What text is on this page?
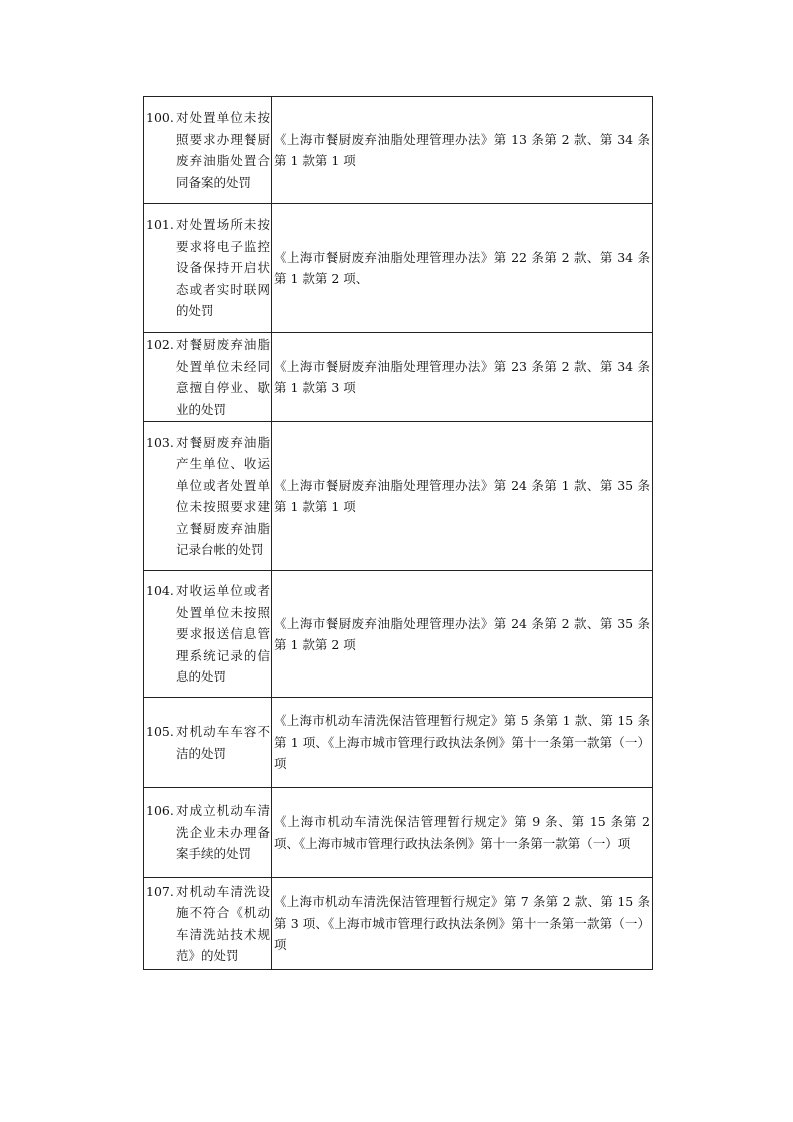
100. 对处置单位未按照要求办理餐厨废弃油脂处置合同备案的处罚	《上海市餐厨废弃油脂处理管理办法》第 13 条第 2 款、第 34 条第 1 款第 1 项

101. 对处置场所未按要求将电子监控设备保持开启状态或者实时联网的处罚	《上海市餐厨废弃油脂处理管理办法》第 22 条第 2 款、第 34 条第 1 款第 2 项、

102. 对餐厨废弃油脂处置单位未经同意擅自停业、歇业的处罚	《上海市餐厨废弃油脂处理管理办法》第 23 条第 2 款、第 34 条第 1 款第 3 项

103. 对餐厨废弃油脂产生单位、收运单位或者处置单位未按照要求建立餐厨废弃油脂记录台帐的处罚	《上海市餐厨废弃油脂处理管理办法》第 24 条第 1 款、第 35 条第 1 款第 1 项

104. 对收运单位或者处置单位未按照要求报送信息管理系统记录的信息的处罚	《上海市餐厨废弃油脂处理管理办法》第 24 条第 2 款、第 35 条第 1 款第 2 项

105. 对机动车车容不洁的处罚	《上海市机动车清洗保洁管理暂行规定》第 5 条第 1 款、第 15 条第 1 项、《上海市城市管理行政执法条例》第十一条第一款第（一）项

106. 对成立机动车清洗企业未办理备案手续的处罚	《上海市机动车清洗保洁管理暂行规定》第 9 条、第 15 条第 2 项、《上海市城市管理行政执法条例》第十一条第一款第（一）项

107. 对机动车清洗设施不符合《机动车清洗站技术规范》的处罚	《上海市机动车清洗保洁管理暂行规定》第 7 条第 2 款、第 15 条第 3 项、《上海市城市管理行政执法条例》第十一条第一款第（一）项
